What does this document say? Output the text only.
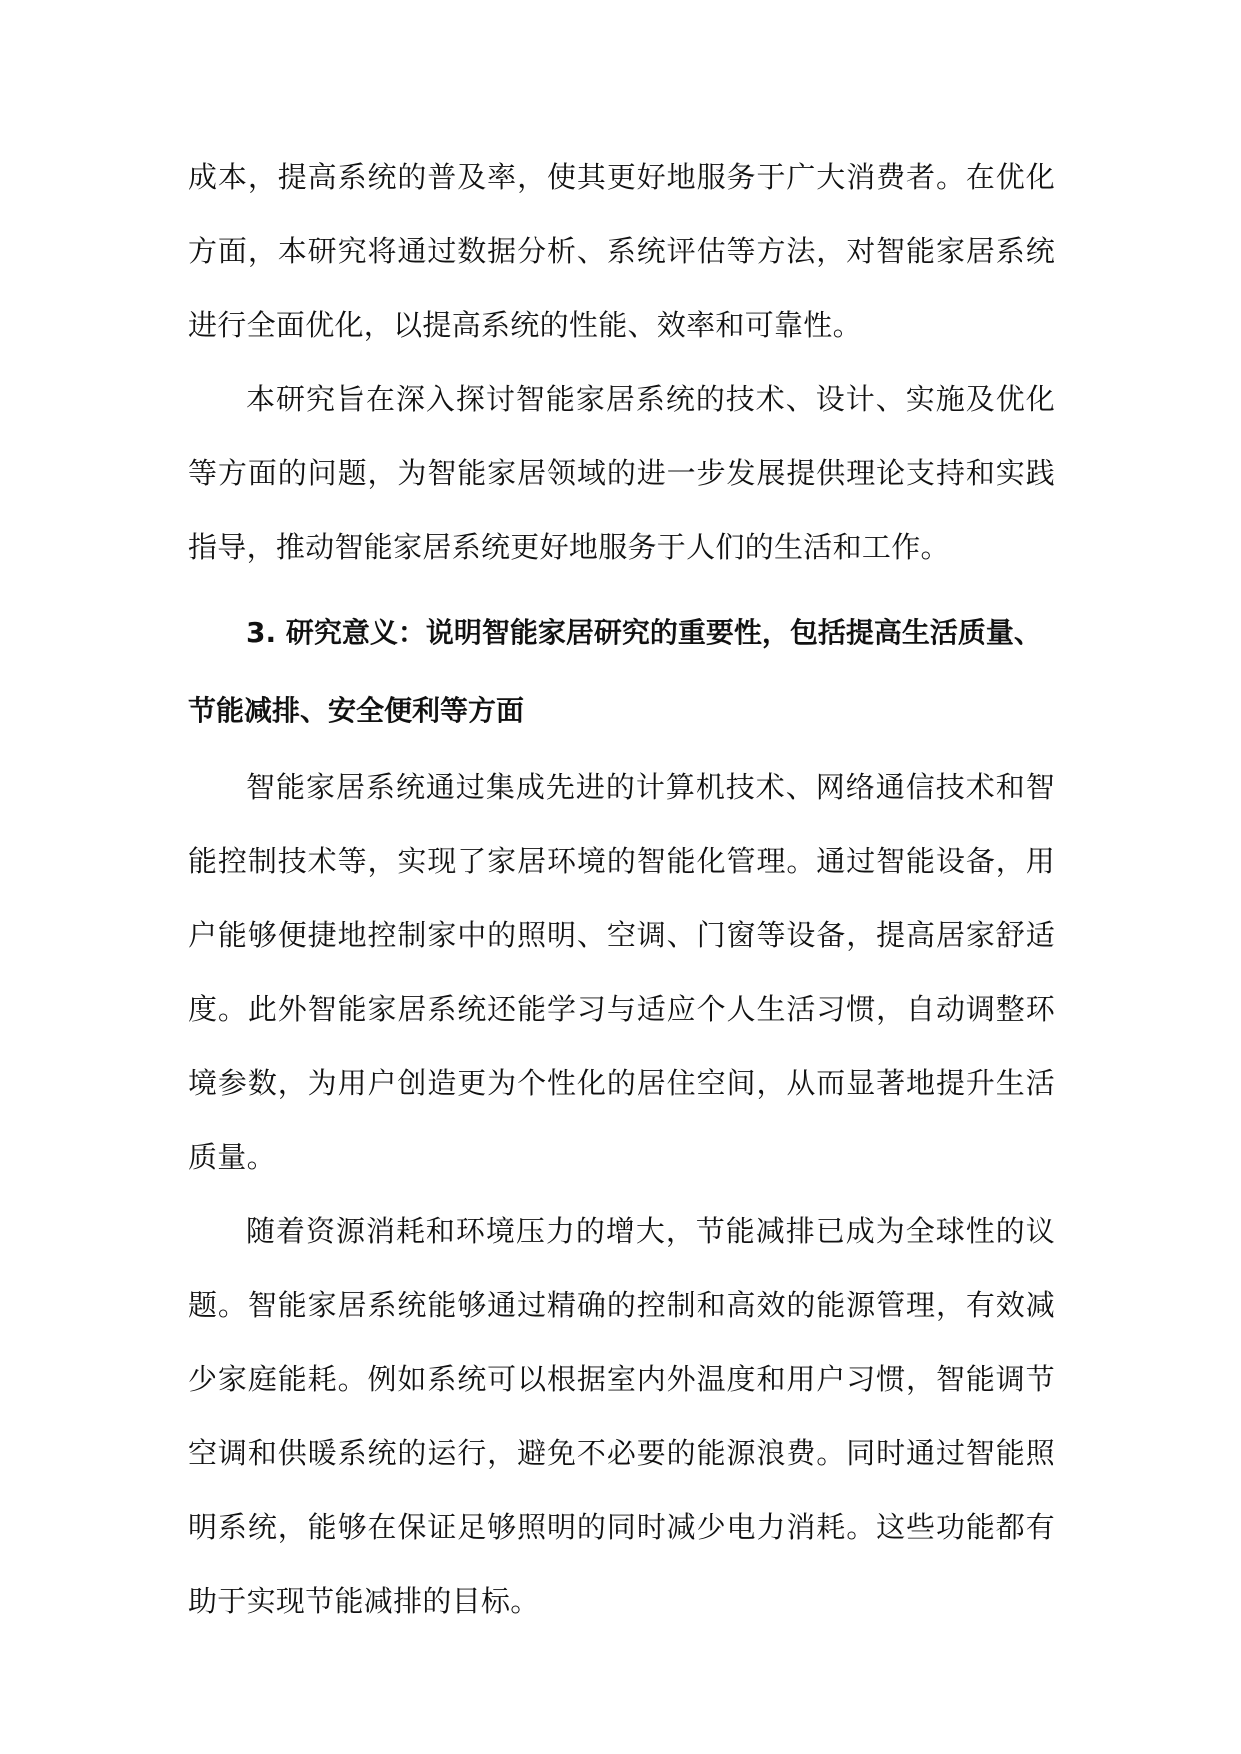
成本，提高系统的普及率，使其更好地服务于广大消费者。在优化方面，本研究将通过数据分析、系统评估等方法，对智能家居系统进行全面优化，以提高系统的性能、效率和可靠性。

本研究旨在深入探讨智能家居系统的技术、设计、实施及优化等方面的问题，为智能家居领域的进一步发展提供理论支持和实践指导，推动智能家居系统更好地服务于人们的生活和工作。

3. 研究意义：说明智能家居研究的重要性，包括提高生活质量、节能减排、安全便利等方面

智能家居系统通过集成先进的计算机技术、网络通信技术和智能控制技术等，实现了家居环境的智能化管理。通过智能设备，用户能够便捷地控制家中的照明、空调、门窗等设备，提高居家舒适度。此外智能家居系统还能学习与适应个人生活习惯，自动调整环境参数，为用户创造更为个性化的居住空间，从而显著地提升生活质量。

随着资源消耗和环境压力的增大，节能减排已成为全球性的议题。智能家居系统能够通过精确的控制和高效的能源管理，有效减少家庭能耗。例如系统可以根据室内外温度和用户习惯，智能调节空调和供暖系统的运行，避免不必要的能源浪费。同时通过智能照明系统，能够在保证足够照明的同时减少电力消耗。这些功能都有助于实现节能减排的目标。
